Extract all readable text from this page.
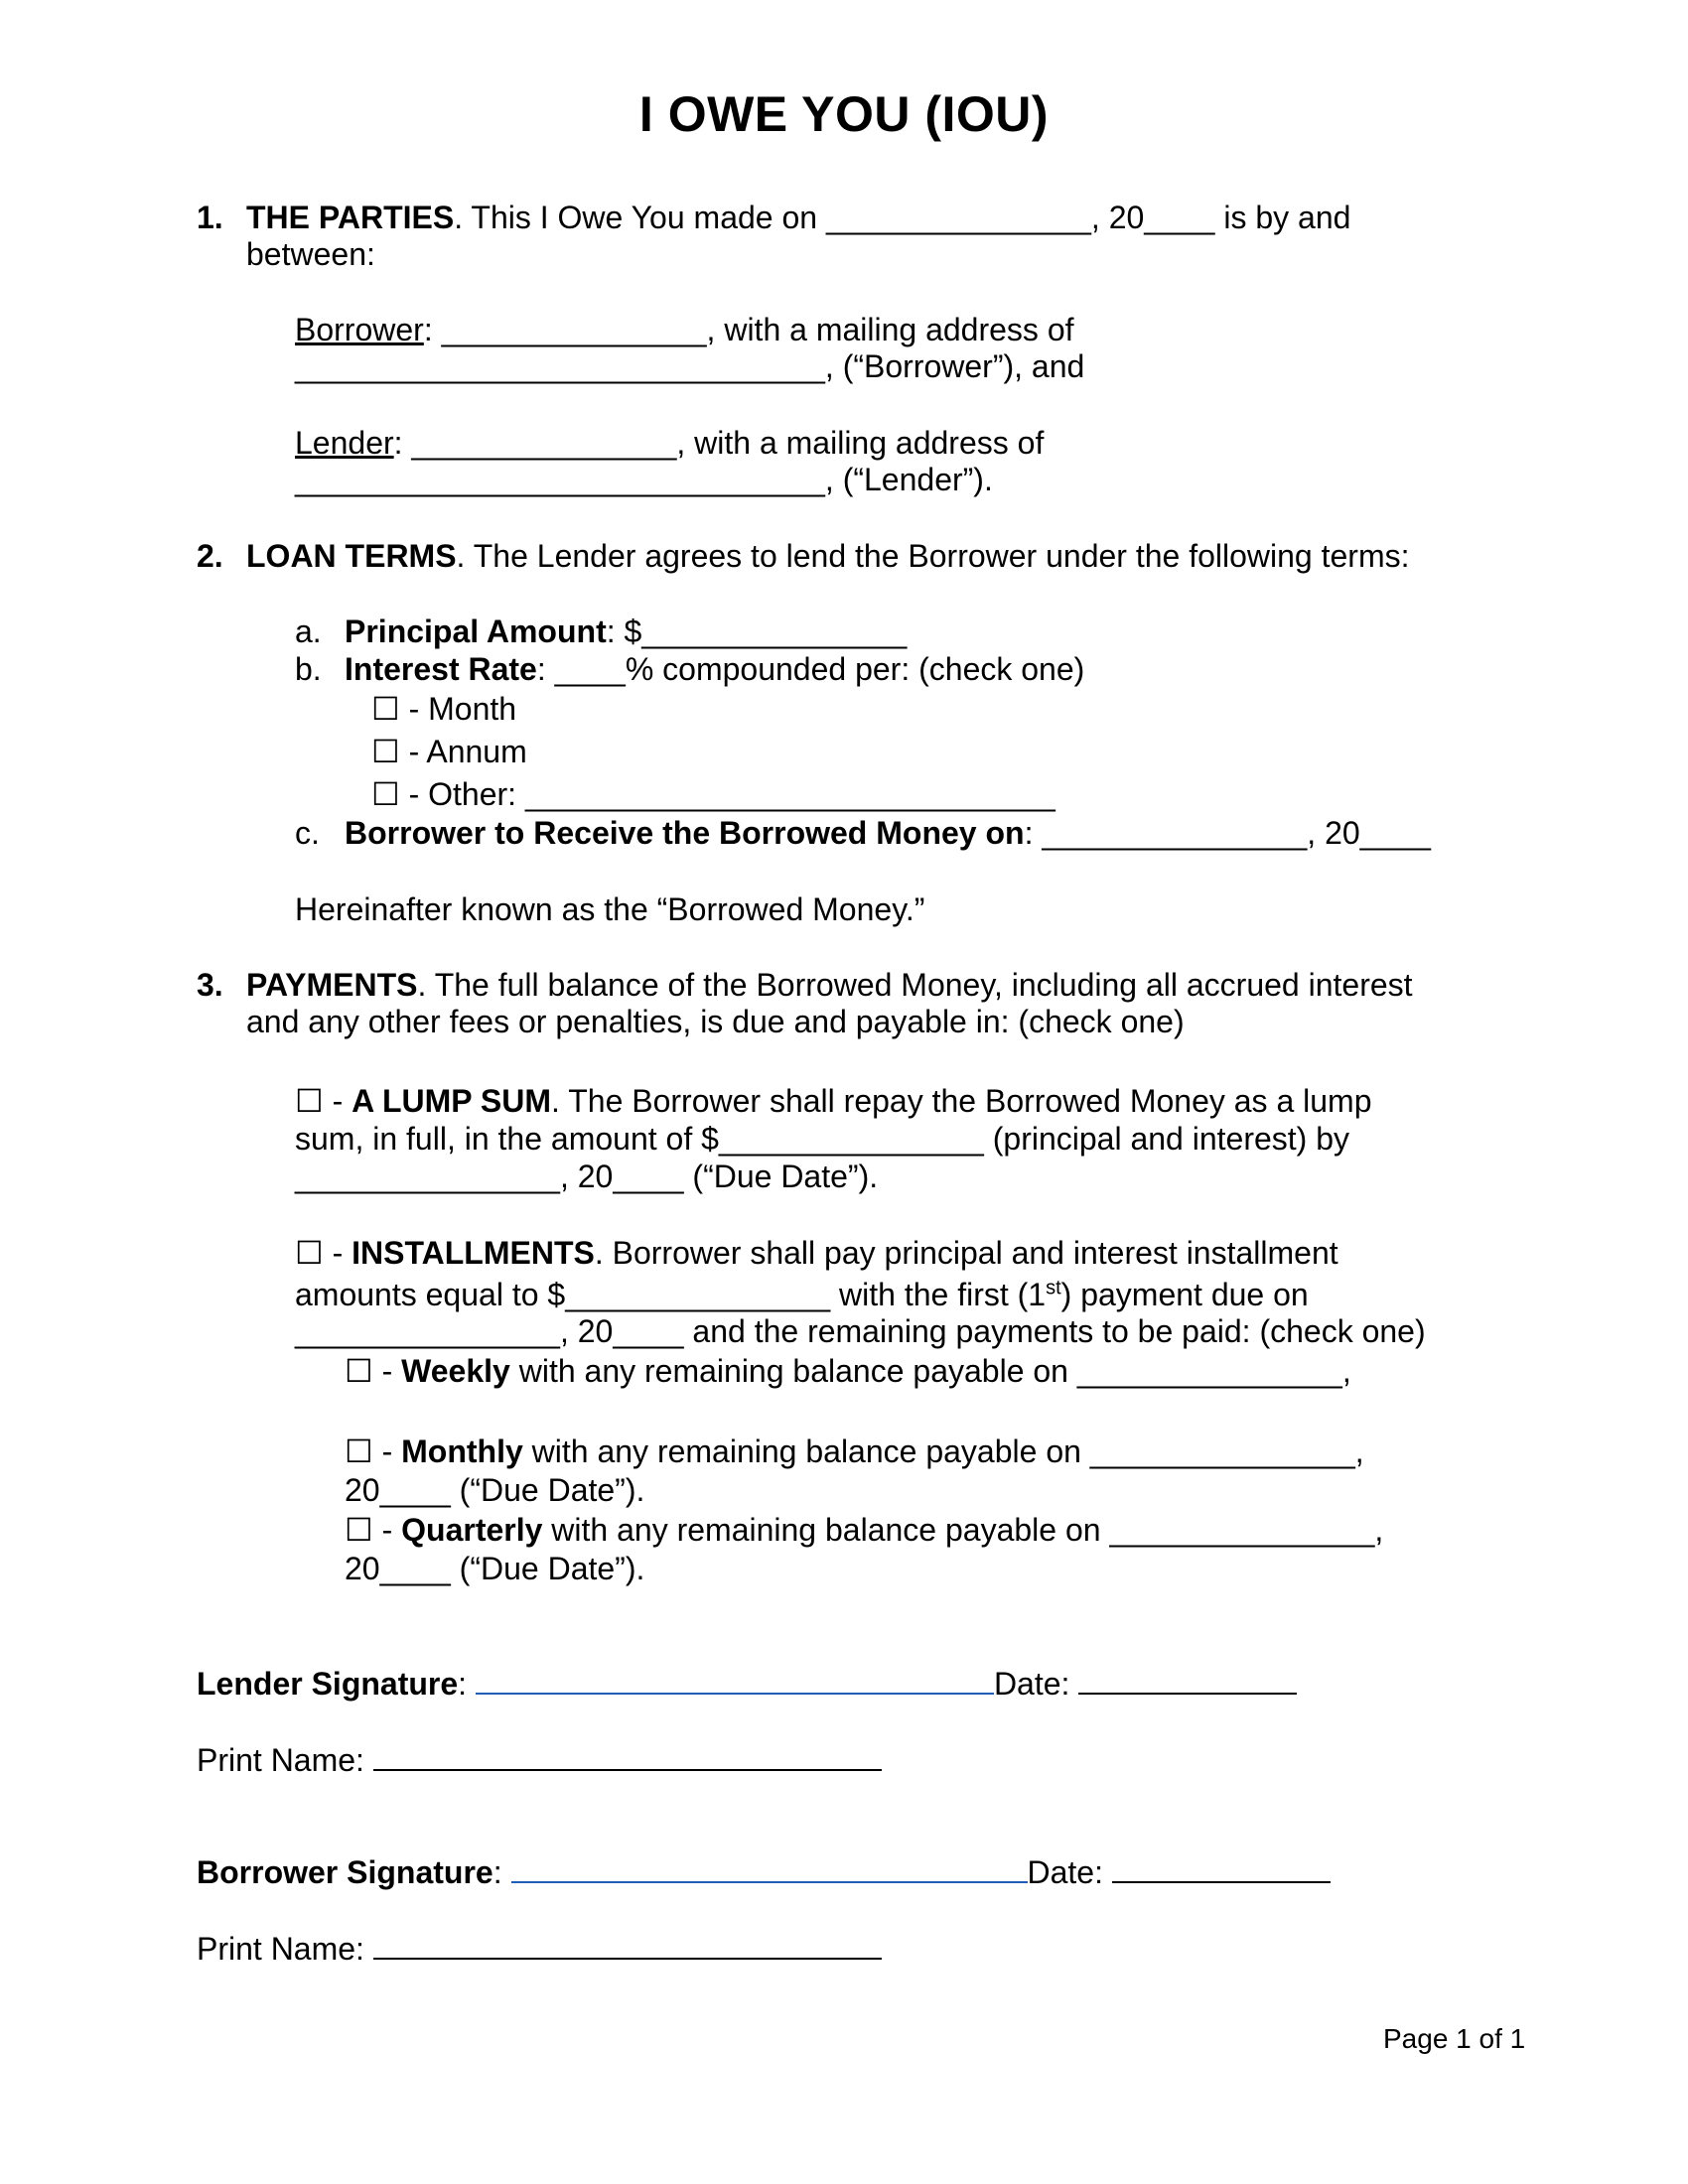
I OWE YOU (IOU)
1. THE PARTIES. This I Owe You made on _______________, 20____ is by and
between:
Borrower: _______________, with a mailing address of
______________________________, (“Borrower”), and
Lender: _______________, with a mailing address of
______________________________, (“Lender”).
2. LOAN TERMS. The Lender agrees to lend the Borrower under the following terms:
a. Principal Amount: $_______________
b. Interest Rate: ____% compounded per: (check one)
☐ - Month
☐ - Annum
☐ - Other: ______________________________
c. Borrower to Receive the Borrowed Money on: _______________, 20____
Hereinafter known as the “Borrowed Money.”
3. PAYMENTS. The full balance of the Borrowed Money, including all accrued interest
and any other fees or penalties, is due and payable in: (check one)
☐ - A LUMP SUM. The Borrower shall repay the Borrowed Money as a lump
sum, in full, in the amount of $_______________ (principal and interest) by
_______________, 20____ (“Due Date”).
☐ - INSTALLMENTS. Borrower shall pay principal and interest installment
amounts equal to $_______________ with the first (1st) payment due on
_______________, 20____ and the remaining payments to be paid: (check one)
☐ - Weekly with any remaining balance payable on _______________,
☐ - Monthly with any remaining balance payable on _______________,
20____ (“Due Date”).
☐ - Quarterly with any remaining balance payable on _______________,
20____ (“Due Date”).
Lender Signature:	Date:
Print Name:
Borrower Signature:	Date:
Print Name:
Page 1 of 1
